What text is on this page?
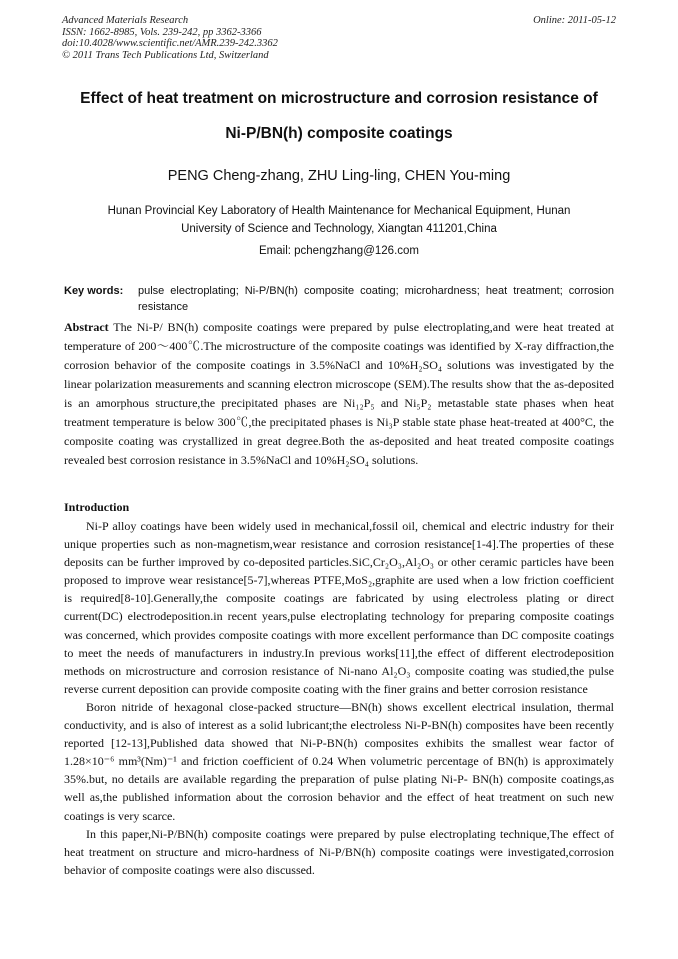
Advanced Materials Research
ISSN: 1662-8985, Vols. 239-242, pp 3362-3366
doi:10.4028/www.scientific.net/AMR.239-242.3362
© 2011 Trans Tech Publications Ltd, Switzerland
Online: 2011-05-12
Effect of heat treatment on microstructure and corrosion resistance of
Ni-P/BN(h) composite coatings
PENG Cheng-zhang, ZHU Ling-ling, CHEN You-ming
Hunan Provincial Key Laboratory of Health Maintenance for Mechanical Equipment, Hunan
University of Science and Technology, Xiangtan 411201,China
Email: pchengzhang@126.com
Key words: pulse electroplating; Ni-P/BN(h) composite coating; microhardness; heat treatment; corrosion resistance
Abstract The Ni-P/ BN(h) composite coatings were prepared by pulse electroplating,and were heat treated at temperature of 200～400℃.The microstructure of the composite coatings was identified by X-ray diffraction,the corrosion behavior of the composite coatings in 3.5%NaCl and 10%H₂SO₄ solutions was investigated by the linear polarization measurements and scanning electron microscope (SEM).The results show that the as-deposited is an amorphous structure,the precipitated phases are Ni₁₂P₅ and Ni₅P₂ metastable state phases when heat treatment temperature is below 300℃,the precipitated phases is Ni₃P stable state phase heat-treated at 400°C, the composite coating was crystallized in great degree.Both the as-deposited and heat treated composite coatings revealed best corrosion resistance in 3.5%NaCl and 10%H₂SO₄ solutions.
Introduction

Ni-P alloy coatings have been widely used in mechanical,fossil oil, chemical and electric industry for their unique properties such as non-magnetism,wear resistance and corrosion resistance[1-4].The properties of these deposits can be further improved by co-deposited particles.SiC,Cr₂O₃,Al₂O₃ or other ceramic particles have been proposed to improve wear resistance[5-7],whereas PTFE,MoS₂,graphite are used when a low friction coefficient is required[8-10].Generally,the composite coatings are fabricated by using electroless plating or direct current(DC) electrodeposition.in recent years,pulse electroplating technology for preparing composite coatings was concerned, which provides composite coatings with more excellent performance than DC composite coatings to meet the needs of manufacturers in industry.In previous works[11],the effect of different electrodeposition methods on microstructure and corrosion resistance of Ni-nano Al₂O₃ composite coating was studied,the pulse reverse current deposition can provide composite coating with the finer grains and better corrosion resistance

Boron nitride of hexagonal close-packed structure—BN(h) shows excellent electrical insulation, thermal conductivity, and is also of interest as a solid lubricant;the electroless Ni-P-BN(h) composites have been recently reported [12-13],Published data showed that Ni-P-BN(h) composites exhibits the smallest wear factor of 1.28×10⁻⁶ mm³(Nm)⁻¹ and friction coefficient of 0.24 When volumetric percentage of BN(h) is approximately 35%.but, no details are available regarding the preparation of pulse plating Ni-P- BN(h) composite coatings,as well as,the published information about the corrosion behavior and the effect of heat treatment on such new coatings is very scarce.

In this paper,Ni-P/BN(h) composite coatings were prepared by pulse electroplating technique,The effect of heat treatment on structure and micro-hardness of Ni-P/BN(h) composite coatings were investigated,corrosion behavior of composite coatings were also discussed.
